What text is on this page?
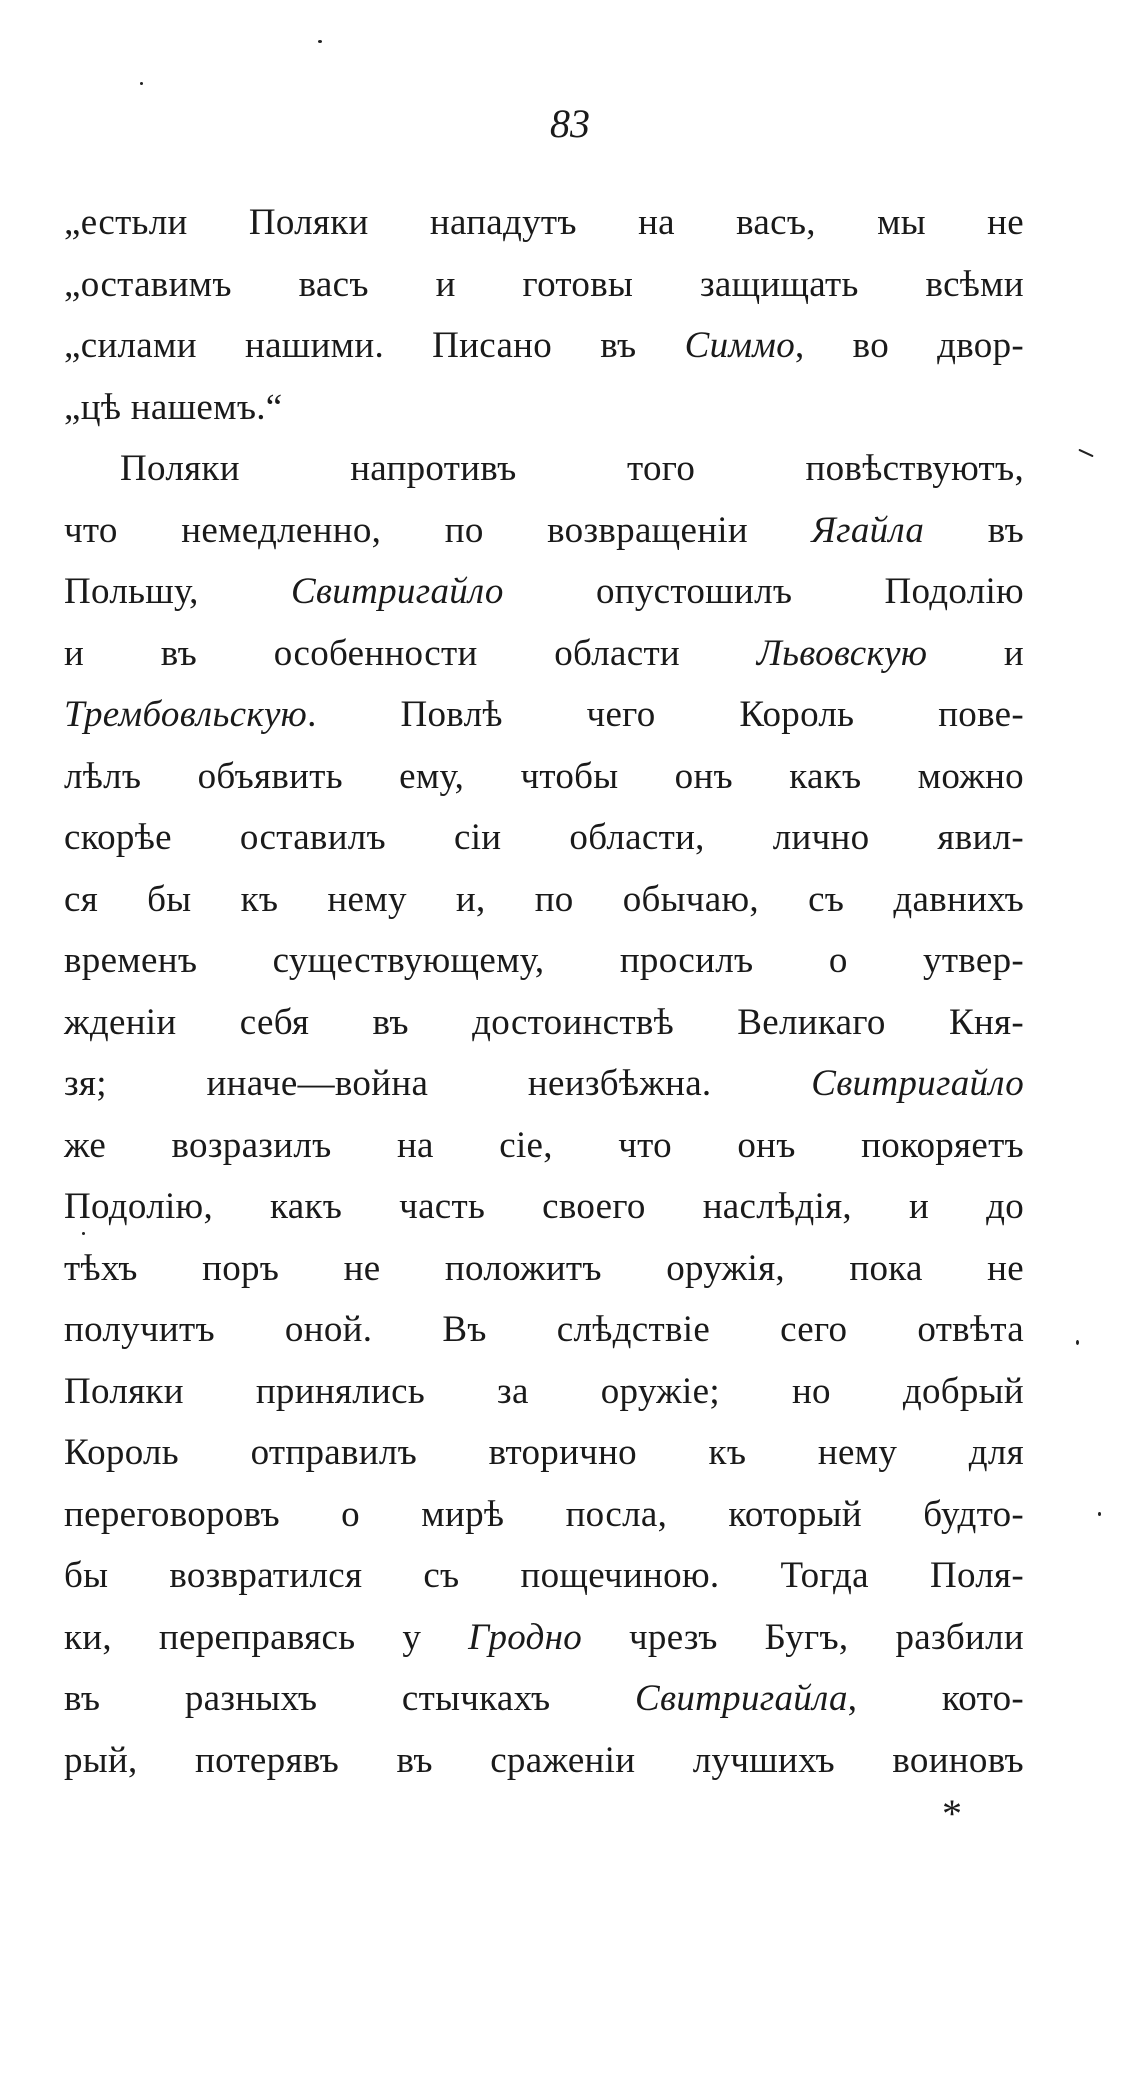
83
„естьли Поляки нападутъ на васъ, мы не
„оставимъ васъ и готовы защищать всѣми
„силами нашими. Писано въ Симмо, во двор-
„цѣ нашемъ.“
Поляки напротивъ того повѣствуютъ,
что немедленно, по возвращеніи Ягайла въ
Польшу, Свитригайло опустошилъ Подолію
и въ особенности области Львовскую и
Трембовльскую. Повлѣ чего Король пове-
лѣлъ объявить ему, чтобы онъ какъ можно
скорѣе оставилъ сіи области, лично явил-
ся бы къ нему и, по обычаю, съ давнихъ
временъ существующему, просилъ о утвер-
жденіи себя въ достоинствѣ Великаго Кня-
зя; иначе—война неизбѣжна. Свитригайло
же возразилъ на сіе, что онъ покоряетъ
Подолію, какъ часть своего наслѣдія, и до
тѣхъ поръ не положитъ оружія, пока не
получитъ оной. Въ слѣдствіе сего отвѣта
Поляки принялись за оружіе; но добрый
Король отправилъ вторично къ нему для
переговоровъ о мирѣ посла, который будто-
бы возвратился съ пощечиною. Тогда Поля-
ки, переправясь у Гродно чрезъ Бугъ, разбили
въ разныхъ стычкахъ Свитригайла, кото-
рый, потерявъ въ сраженіи лучшихъ воиновъ
*
